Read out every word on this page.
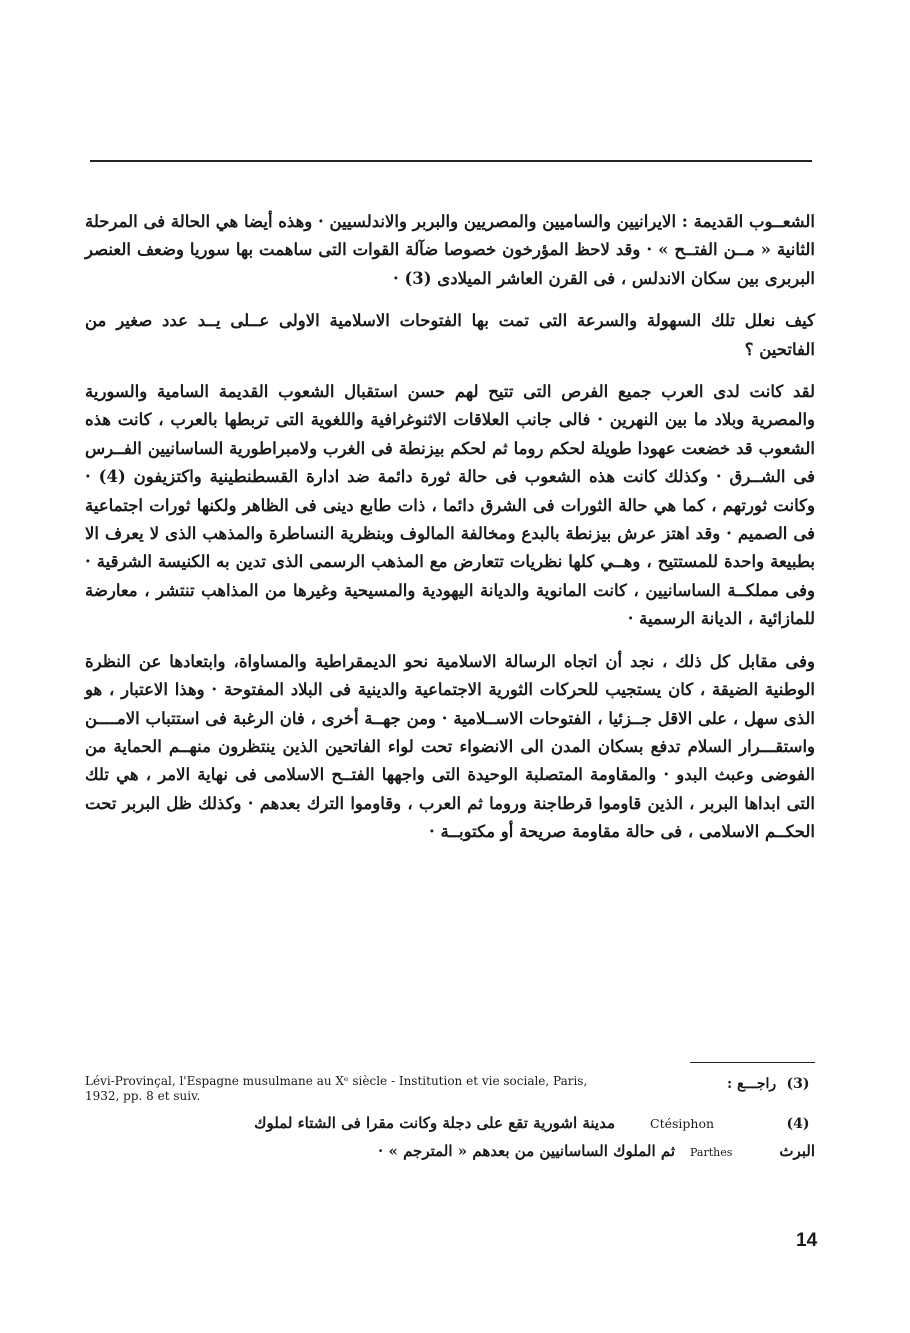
الشعــوب القديمة : الايرانيين والساميين والمصريين والبربر والاندلسيين · وهذه أيضا هي الحالة فى المرحلة الثانية « مــن الفتــح » · وقد لاحظ المؤرخون خصوصا ضآلة القوات التى ساهمت بها سوريا وضعف العنصر البربرى بين سكان الاندلس ، فى القرن العاشر الميلادى (3) ·

كيف نعلل تلك السهولة والسرعة التى تمت بها الفتوحات الاسلامية الاولى عــلى يــد عدد صغير من الفاتحين ؟

لقد كانت لدى العرب جميع الفرص التى تتيح لهم حسن استقبال الشعوب القديمة السامية والسورية والمصرية وبلاد ما بين النهرين · فالى جانب العلاقات الاثنوغرافية واللغوية التى تربطها بالعرب ، كانت هذه الشعوب قد خضعت عهودا طويلة لحكم روما ثم لحكم بيزنطة فى الغرب ولامبراطورية الساسانيين الفــرس فى الشــرق · وكذلك كانت هذه الشعوب فى حالة ثورة دائمة ضد ادارة القسطنطينية واكتزيفون (4) · وكانت ثورتهم ، كما هي حالة الثورات فى الشرق دائما ، ذات طابع دينى فى الظاهر ولكنها ثورات اجتماعية فى الصميم · وقد اهتز عرش بيزنطة بالبدع ومخالفة المالوف وبنظرية النساطرة والمذهب الذى لا يعرف الا بطبيعة واحدة للمستتيح ، وهــي كلها نظريات تتعارض مع المذهب الرسمى الذى تدين به الكنيسة الشرقية · وفى مملكــة الساسانيين ، كانت المانوية والديانة اليهودية والمسيحية وغيرها من المذاهب تنتشر ، معارضة للمازائية ، الديانة الرسمية ·

وفى مقابل كل ذلك ، نجد أن اتجاه الرسالة الاسلامية نحو الديمقراطية والمساواة، وابتعادها عن النظرة الوطنية الضيقة ، كان يستجيب للحركات الثورية الاجتماعية والدينية فى البلاد المفتوحة · وهذا الاعتبار ، هو الذى سهل ، على الاقل جــزئيا ، الفتوحات الاســلامية · ومن جهــة أخرى ، فان الرغبة فى استتباب الامــــن واستقـــرار السلام تدفع بسكان المدن الى الانضواء تحت لواء الفاتحين الذين ينتظرون منهــم الحماية من الفوضى وعبث البدو · والمقاومة المتصلبة الوحيدة التى واجهها الفتــح الاسلامى فى نهاية الامر ، هي تلك التى ابداها البربر ، الذين قاوموا قرطاجنة وروما ثم العرب ، وقاوموا الترك بعدهم · وكذلك ظل البربر تحت الحكــم الاسلامى ، فى حالة مقاومة صريحة أو مكتوبــة ·

(3) راجـــع :
Lévi-Provinçal, l'Espagne musulmane au Xᵉ siècle - Institution et vie sociale, Paris, 1932, pp. 8 et suiv.
(4)
Ctésiphon
مدينة اشورية تقع على دجلة وكانت مقرا فى الشتاء لملوك
البرث
Parthes
ثم الملوك الساسانيين من بعدهم « المترجم » ·
14
